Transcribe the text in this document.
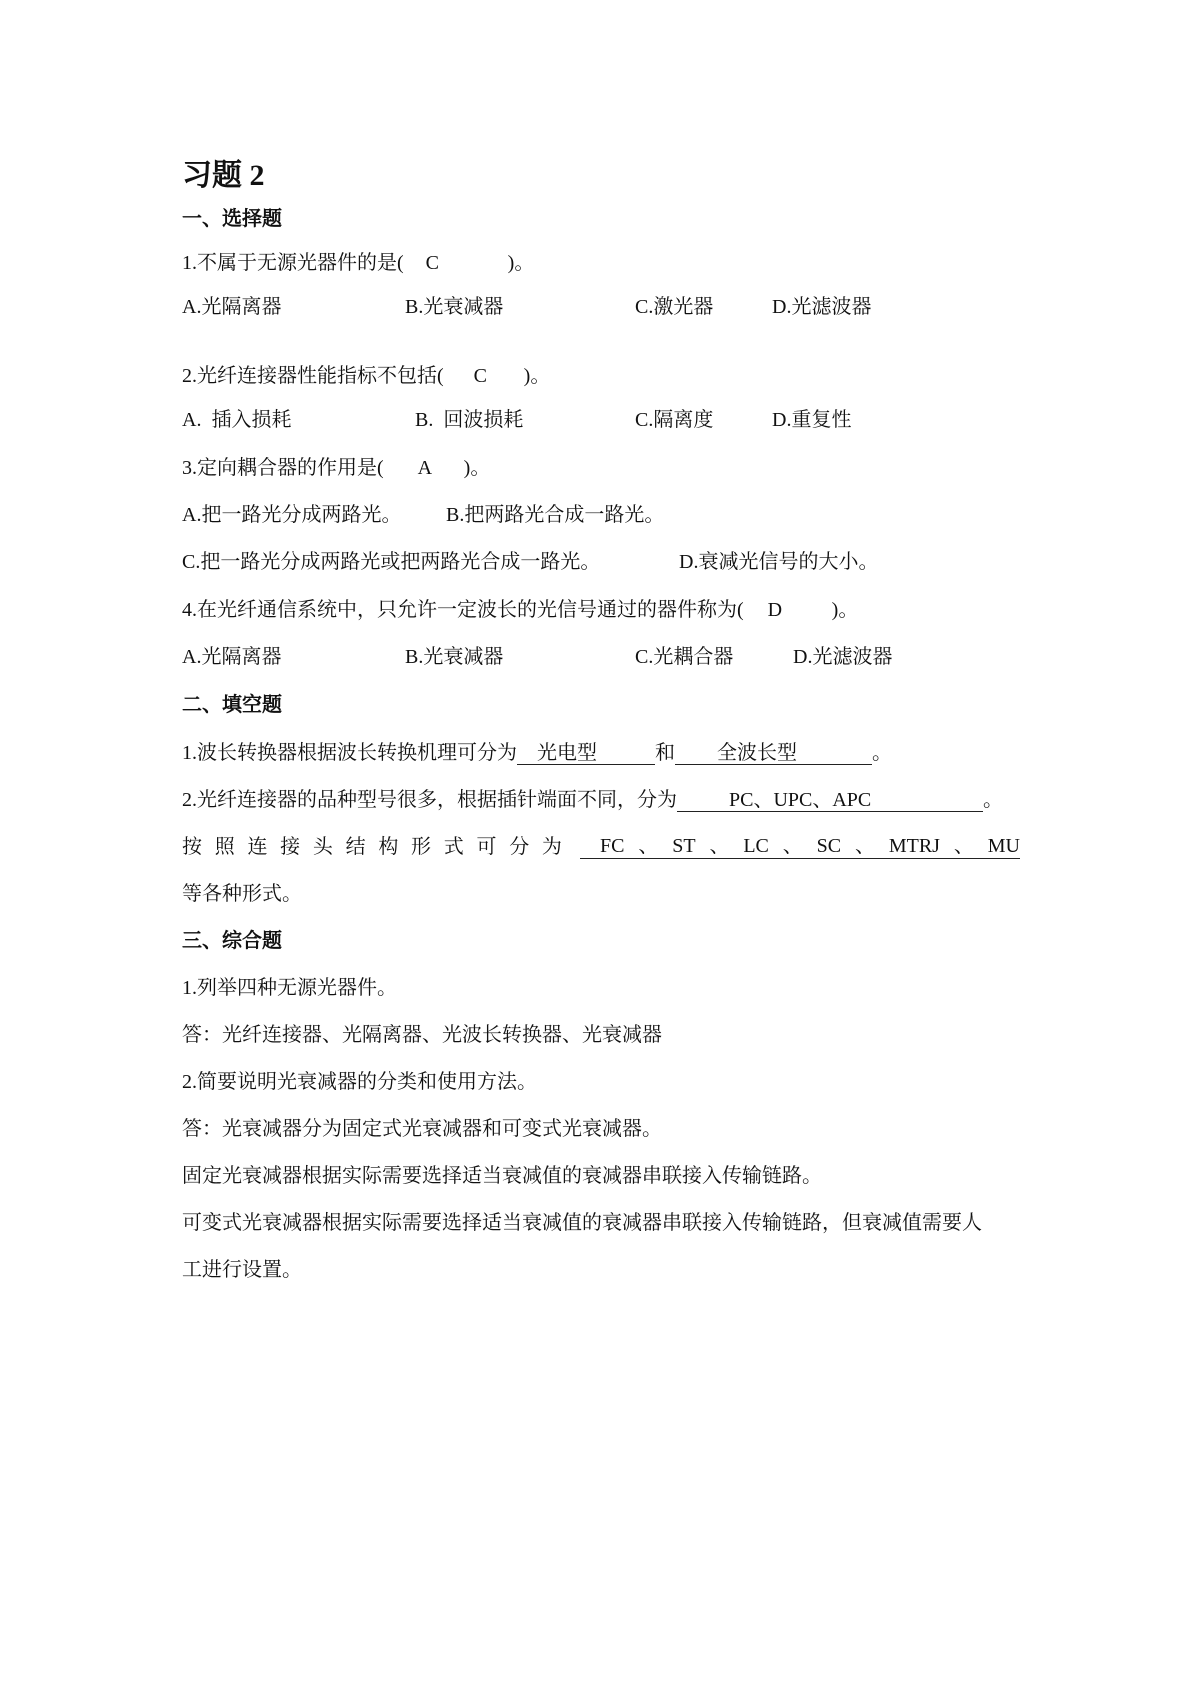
习题 2
一、选择题
1.不属于无源光器件的是( C	)。
A.光隔离器	B.光衰减器	C.激光器	D.光滤波器
2.光纤连接器性能指标不包括( C )。
A.  插入损耗	B.  回波损耗	C.隔离度	D.重复性
3.定向耦合器的作用是( A )。
A.把一路光分成两路光。 B.把两路光合成一路光。
C.把一路光分成两路光或把两路光合成一路光。	D.衰减光信号的大小。
4.在光纤通信系统中，只允许一定波长的光信号通过的器件称为( D )。
A.光隔离器	B.光衰减器	C.光耦合器	D.光滤波器
二、填空题
1.波长转换器根据波长转换机理可分为 光电型	和 全波长型	。
2.光纤连接器的品种型号很多，根据插针端面不同，分为	PC、UPC、APC	。
按 照 连 接 头 结 构 形 式 可 分 为 FC 、 ST 、 LC 、 SC 、 MTRJ 、 MU
等各种形式。
三、综合题
1.列举四种无源光器件。
答：光纤连接器、光隔离器、光波长转换器、光衰减器
2.简要说明光衰减器的分类和使用方法。
答：光衰减器分为固定式光衰减器和可变式光衰减器。
固定光衰减器根据实际需要选择适当衰减值的衰减器串联接入传输链路。
可变式光衰减器根据实际需要选择适当衰减值的衰减器串联接入传输链路，但衰减值需要人
工进行设置。
